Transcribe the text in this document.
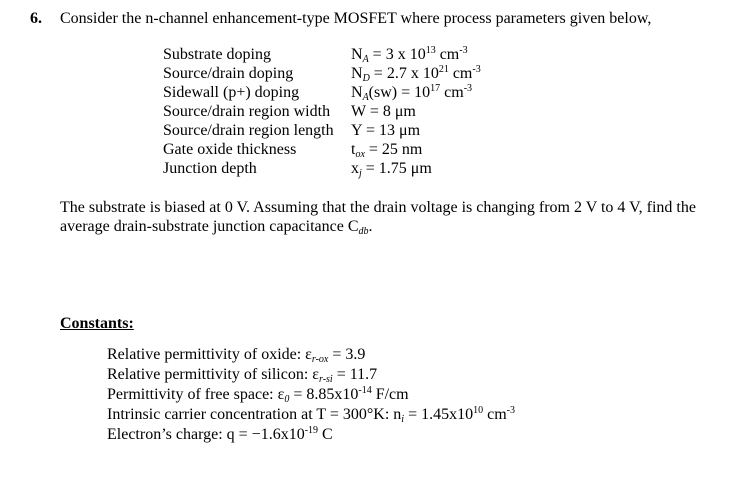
6. Consider the n-channel enhancement-type MOSFET where process parameters given below,
Substrate doping
Source/drain doping
Sidewall (p+) doping
Source/drain region width
Source/drain region length
Gate oxide thickness
Junction depth
$N_A = 3$ x $10^{13}$ $cm^{-3}$
$N_D = 2.7$ x $10^{21}$ $cm^{-3}$
$N_A(sw) = 10^{17}$ $cm^{-3}$
W = 8 μm
Y = 13 μm
$t_{ox} = 25$ nm
$x_j = 1.75$ μm
The substrate is biased at 0 V. Assuming that the drain voltage is changing from 2 V to 4 V, find the
average drain-substrate junction capacitance $C_{db}$.
Constants:
Relative permittivity of oxide: $\varepsilon_{r-ox} = 3.9$
Relative permittivity of silicon: $\varepsilon_{r-si} = 11.7$
Permittivity of free space: $\varepsilon_0 = 8.85x10^{-14}$ F/cm
Intrinsic carrier concentration at T = 300°K: $n_i = 1.45x10^{10}$ $cm^{-3}$
Electron’s charge: $q = -1.6x10^{-19}$ C
